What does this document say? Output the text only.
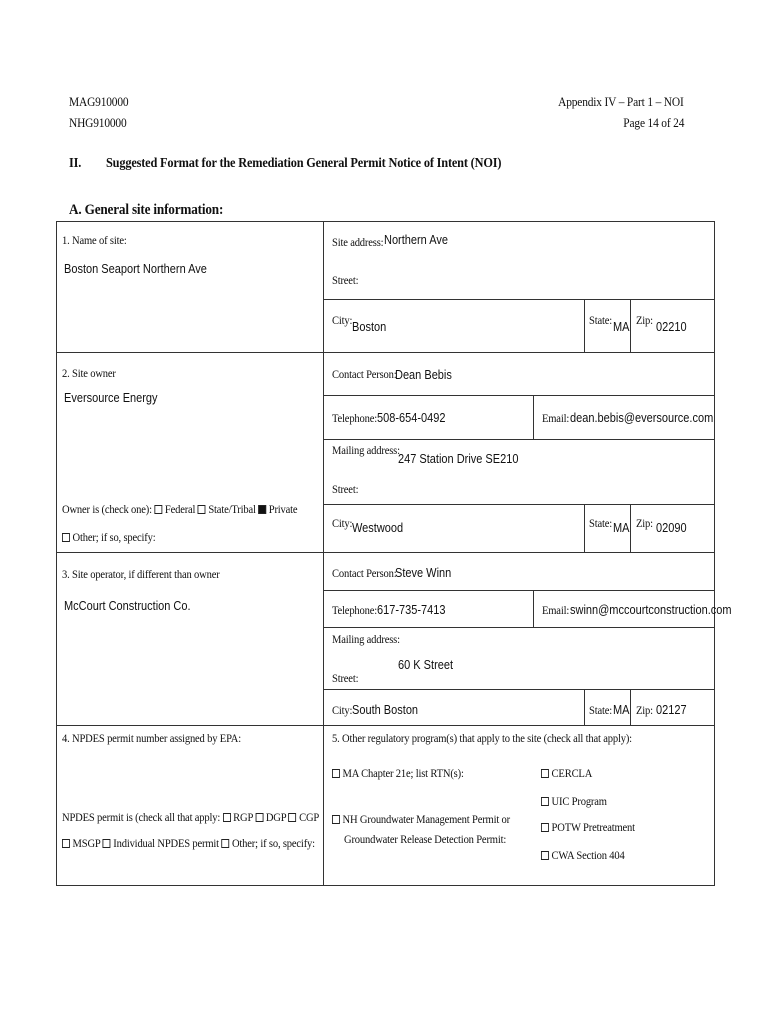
MAG910000
NHG910000
Appendix IV – Part 1 – NOI
Page 14 of 24
II. Suggested Format for the Remediation General Permit Notice of Intent (NOI)
A. General site information:
1. Name of site:
Boston Seaport Northern Ave
Site address: Northern Ave
Street:
City: Boston	State: MA Zip: 02210
2. Site owner
Eversource Energy
Contact Person:
Dean Bebis
Telephone: 508-654-0492	Email: dean.bebis@eversource.com
Mailing address:
247 Station Drive SE210
Street:
City: Westwood	State: MA Zip: 02090
Owner is (check one): Federal State/Tribal Private
Other; if so, specify:
3. Site operator, if different than owner
McCourt Construction Co.
Contact Person:
Steve Winn
Telephone: 617-735-7413	Email: swinn@mccourtconstruction.com
Mailing address:
60 K Street
Street:
City: South Boston	State: MA Zip: 02127
4. NPDES permit number assigned by EPA:
NPDES permit is (check all that apply: RGP DGP CGP
MSGP Individual NPDES permit Other; if so, specify:
5. Other regulatory program(s) that apply to the site (check all that apply):
MA Chapter 21e; list RTN(s):
NH Groundwater Management Permit or
Groundwater Release Detection Permit:
CERCLA
UIC Program
POTW Pretreatment
CWA Section 404
